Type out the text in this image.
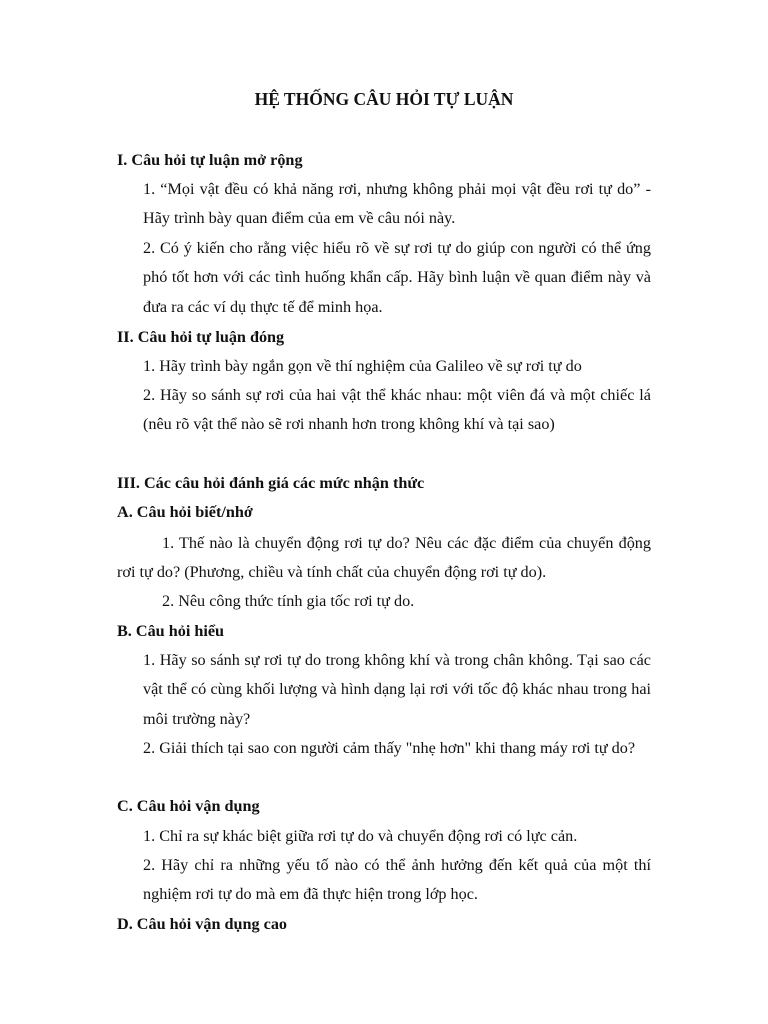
HỆ THỐNG CÂU HỎI TỰ LUẬN
I. Câu hỏi tự luận mở rộng
1. “Mọi vật đều có khả năng rơi, nhưng không phải mọi vật đều rơi tự do” - Hãy trình bày quan điểm của em về câu nói này.
2. Có ý kiến cho rằng việc hiểu rõ về sự rơi tự do giúp con người có thể ứng phó tốt hơn với các tình huống khẩn cấp. Hãy bình luận về quan điểm này và đưa ra các ví dụ thực tế để minh họa.
II. Câu hỏi tự luận đóng
1. Hãy trình bày ngắn gọn về thí nghiệm của Galileo về sự rơi tự do
2. Hãy so sánh sự rơi của hai vật thể khác nhau: một viên đá và một chiếc lá (nêu rõ vật thể nào sẽ rơi nhanh hơn trong không khí và tại sao)
III. Các câu hỏi đánh giá các mức nhận thức
A. Câu hỏi biết/nhớ
1. Thế nào là chuyển động rơi tự do? Nêu các đặc điểm của chuyển động rơi tự do? (Phương, chiều và tính chất của chuyển động rơi tự do).
2. Nêu công thức tính gia tốc rơi tự do.
B. Câu hỏi hiểu
1. Hãy so sánh sự rơi tự do trong không khí và trong chân không. Tại sao các vật thể có cùng khối lượng và hình dạng lại rơi với tốc độ khác nhau trong hai môi trường này?
2. Giải thích tại sao con người cảm thấy "nhẹ hơn" khi thang máy rơi tự do?
C. Câu hỏi vận dụng
1. Chỉ ra sự khác biệt giữa rơi tự do và chuyển động rơi có lực cản.
2. Hãy chỉ ra những yếu tố nào có thể ảnh hưởng đến kết quả của một thí nghiệm rơi tự do mà em đã thực hiện trong lớp học.
D. Câu hỏi vận dụng cao
